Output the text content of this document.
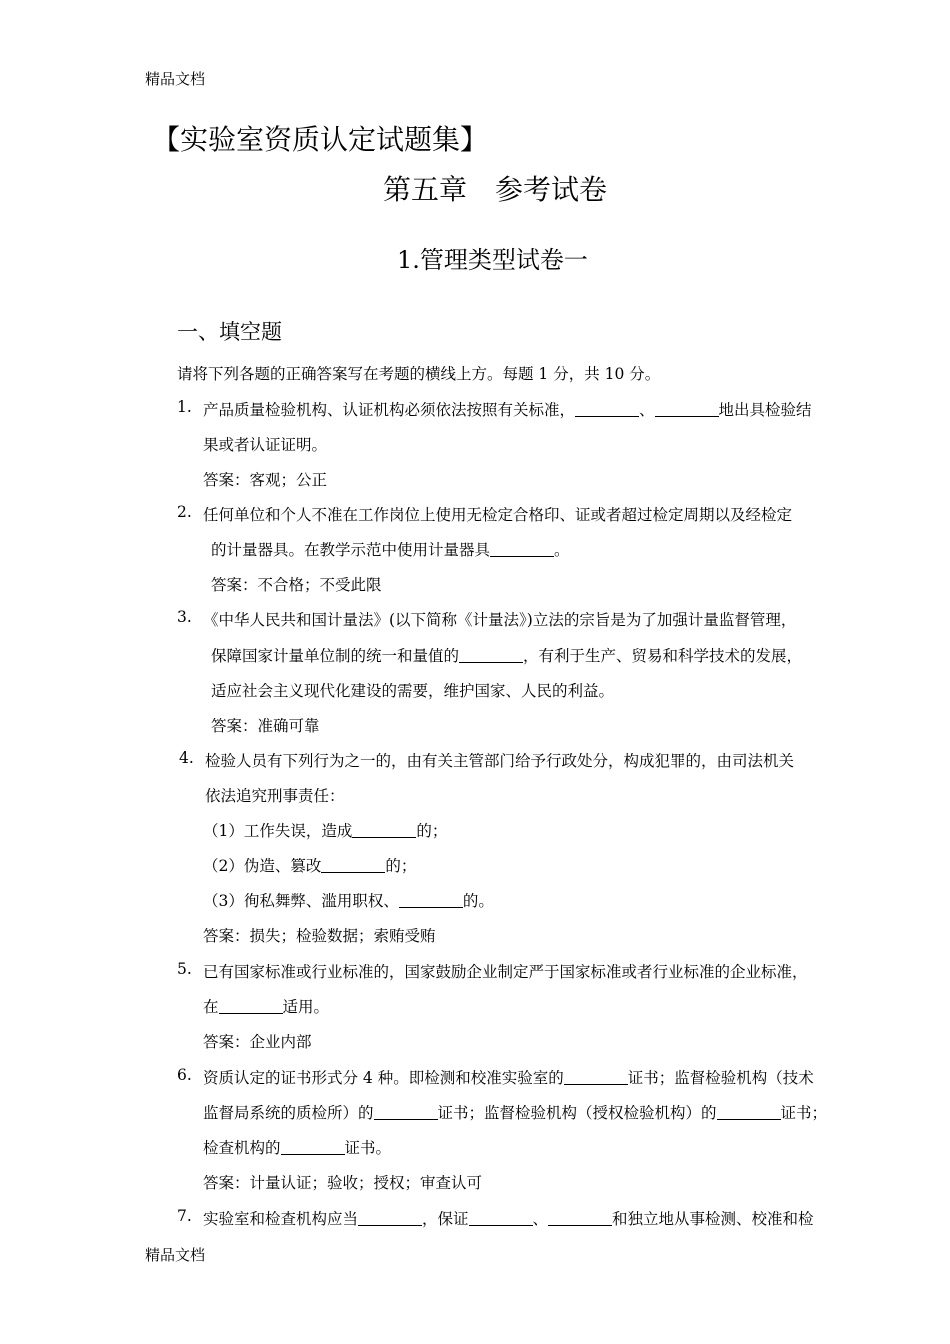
精品文档
【实验室资质认定试题集】
第五章　参考试卷
1.管理类型试卷一
一、填空题
请将下列各题的正确答案写在考题的横线上方。每题 1 分，共 10 分。
1. 产品质量检验机构、认证机构必须依法按照有关标准，	、	地出具检验结
果或者认证证明。
答案：客观；公正
2. 任何单位和个人不准在工作岗位上使用无检定合格印、证或者超过检定周期以及经检定
的计量器具。在教学示范中使用计量器具	。
答案：不合格；不受此限
3. 《中华人民共和国计量法》(以下简称《计量法》)立法的宗旨是为了加强计量监督管理，
保障国家计量单位制的统一和量值的	，有利于生产、贸易和科学技术的发展，
适应社会主义现代化建设的需要，维护国家、人民的利益。
答案：准确可靠
4. 检验人员有下列行为之一的，由有关主管部门给予行政处分，构成犯罪的，由司法机关
依法追究刑事责任：
（1）工作失误，造成	的；
（2）伪造、篡改	的；
（3）徇私舞弊、滥用职权、	的。
答案：损失；检验数据；索贿受贿
5. 已有国家标准或行业标准的，国家鼓励企业制定严于国家标准或者行业标准的企业标准，
在	适用。
答案：企业内部
6. 资质认定的证书形式分 4 种。即检测和校准实验室的	证书；监督检验机构（技术
监督局系统的质检所）的	证书；监督检验机构（授权检验机构）的	证书；
检查机构的	证书。
答案：计量认证；验收；授权；审查认可
7. 实验室和检查机构应当	，保证	、	和独立地从事检测、校准和检
精品文档
